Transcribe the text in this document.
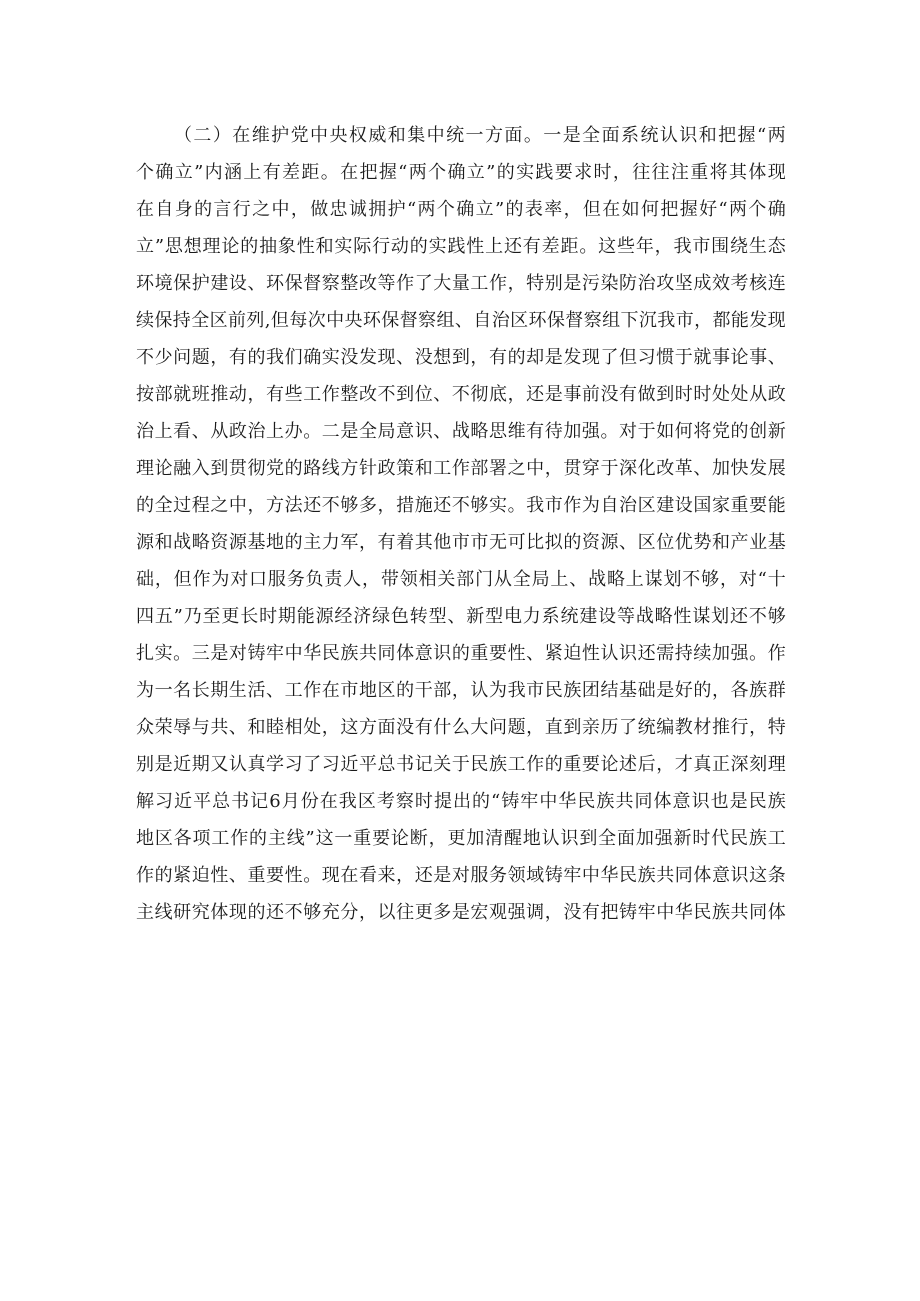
（二）在维护党中央权威和集中统一方面。一是全面系统认识和把握“两
个确立”内涵上有差距。在把握“两个确立”的实践要求时，往往注重将其体现
在自身的言行之中，做忠诚拥护“两个确立”的表率，但在如何把握好“两个确
立”思想理论的抽象性和实际行动的实践性上还有差距。这些年，我市围绕生态
环境保护建设、环保督察整改等作了大量工作，特别是污染防治攻坚成效考核连
续保持全区前列,但每次中央环保督察组、自治区环保督察组下沉我市，都能发现
不少问题，有的我们确实没发现、没想到，有的却是发现了但习惯于就事论事、
按部就班推动，有些工作整改不到位、不彻底，还是事前没有做到时时处处从政
治上看、从政治上办。二是全局意识、战略思维有待加强。对于如何将党的创新
理论融入到贯彻党的路线方针政策和工作部署之中，贯穿于深化改革、加快发展
的全过程之中，方法还不够多，措施还不够实。我市作为自治区建设国家重要能
源和战略资源基地的主力军，有着其他市市无可比拟的资源、区位优势和产业基
础，但作为对口服务负责人，带领相关部门从全局上、战略上谋划不够，对“十
四五”乃至更长时期能源经济绿色转型、新型电力系统建设等战略性谋划还不够
扎实。三是对铸牢中华民族共同体意识的重要性、紧迫性认识还需持续加强。作
为一名长期生活、工作在市地区的干部，认为我市民族团结基础是好的，各族群
众荣辱与共、和睦相处，这方面没有什么大问题，直到亲历了统编教材推行，特
别是近期又认真学习了习近平总书记关于民族工作的重要论述后，才真正深刻理
解习近平总书记6月份在我区考察时提出的“铸牢中华民族共同体意识也是民族
地区各项工作的主线”这一重要论断，更加清醒地认识到全面加强新时代民族工
作的紧迫性、重要性。现在看来，还是对服务领域铸牢中华民族共同体意识这条
主线研究体现的还不够充分，以往更多是宏观强调，没有把铸牢中华民族共同体
